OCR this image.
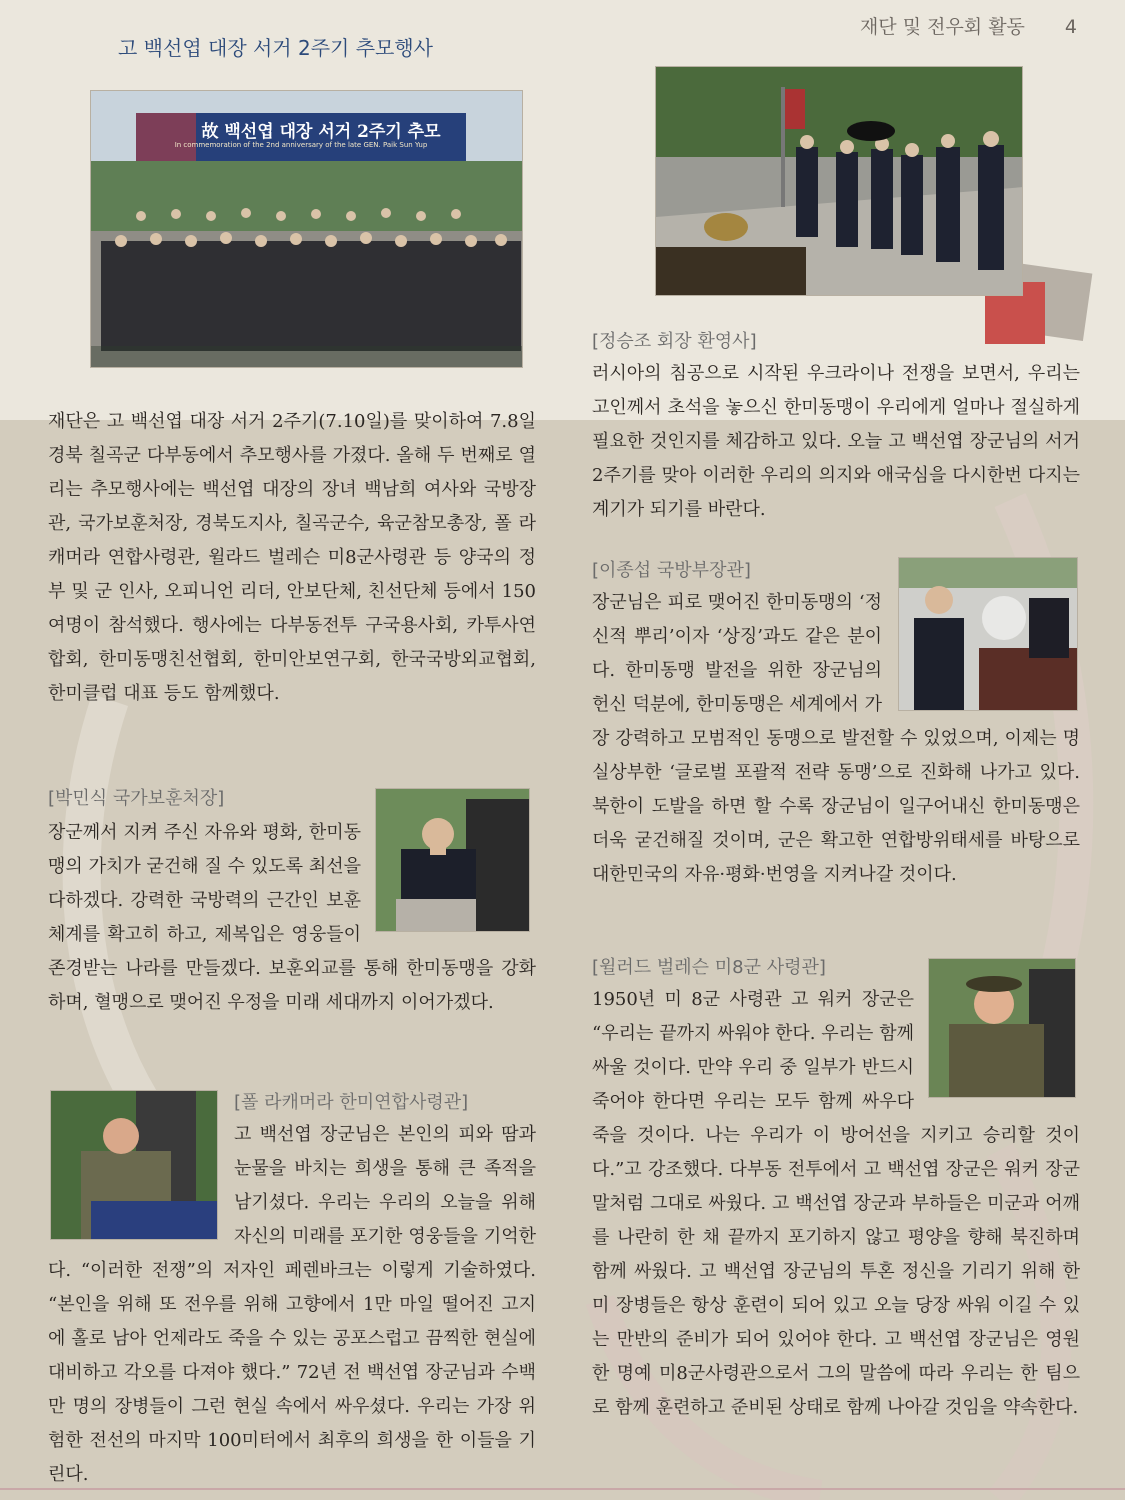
재단 및 전우회 활동 4
고 백선엽 대장 서거 2주기 추모행사
故 백선엽 대장 서거 2주기 추모
In commemoration of the 2nd anniversary of the late GEN. Paik Sun Yup
재단은 고 백선엽 대장 서거 2주기(7.10일)를 맞이하여 7.8일 경북 칠곡군 다부동에서 추모행사를 가졌다. 올해 두 번째로 열리는 추모행사에는 백선엽 대장의 장녀 백남희 여사와 국방장관, 국가보훈처장, 경북도지사, 칠곡군수, 육군참모총장, 폴 라캐머라 연합사령관, 윌라드 벌레슨 미8군사령관 등 양국의 정부 및 군 인사, 오피니언 리더, 안보단체, 친선단체 등에서 150여명이 참석했다. 행사에는 다부동전투 구국용사회, 카투사연합회, 한미동맹친선협회, 한미안보연구회, 한국국방외교협회, 한미클럽 대표 등도 함께했다.
[박민식 국가보훈처장]
장군께서 지켜 주신 자유와 평화, 한미동맹의 가치가 굳건해 질 수 있도록 최선을 다하겠다. 강력한 국방력의 근간인 보훈 체계를 확고히 하고, 제복입은 영웅들이 존경받는 나라를 만들겠다. 보훈외교를 통해 한미동맹을 강화하며, 혈맹으로 맺어진 우정을 미래 세대까지 이어가겠다.
[폴 라캐머라 한미연합사령관]
고 백선엽 장군님은 본인의 피와 땀과 눈물을 바치는 희생을 통해 큰 족적을 남기셨다. 우리는 우리의 오늘을 위해 자신의 미래를 포기한 영웅들을 기억한다. “이러한 전쟁”의 저자인 페렌바크는 이렇게 기술하였다. “본인을 위해 또 전우를 위해 고향에서 1만 마일 떨어진 고지에 홀로 남아 언제라도 죽을 수 있는 공포스럽고 끔찍한 현실에 대비하고 각오를 다져야 했다.” 72년 전 백선엽 장군님과 수백만 명의 장병들이 그런 현실 속에서 싸우셨다. 우리는 가장 위험한 전선의 마지막 100미터에서 최후의 희생을 한 이들을 기린다.
[정승조 회장 환영사]
러시아의 침공으로 시작된 우크라이나 전쟁을 보면서, 우리는 고인께서 초석을 놓으신 한미동맹이 우리에게 얼마나 절실하게 필요한 것인지를 체감하고 있다. 오늘 고 백선엽 장군님의 서거 2주기를 맞아 이러한 우리의 의지와 애국심을 다시한번 다지는 계기가 되기를 바란다.
[이종섭 국방부장관]
장군님은 피로 맺어진 한미동맹의 ‘정신적 뿌리’이자 ‘상징’과도 같은 분이다. 한미동맹 발전을 위한 장군님의 헌신 덕분에, 한미동맹은 세계에서 가장 강력하고 모범적인 동맹으로 발전할 수 있었으며, 이제는 명실상부한 ‘글로벌 포괄적 전략 동맹’으로 진화해 나가고 있다. 북한이 도발을 하면 할 수록 장군님이 일구어내신 한미동맹은 더욱 굳건해질 것이며, 군은 확고한 연합방위태세를 바탕으로 대한민국의 자유·평화·번영을 지켜나갈 것이다.
[윌러드 벌레슨 미8군 사령관]
1950년 미 8군 사령관 고 워커 장군은 “우리는 끝까지 싸워야 한다. 우리는 함께 싸울 것이다. 만약 우리 중 일부가 반드시 죽어야 한다면 우리는 모두 함께 싸우다 죽을 것이다. 나는 우리가 이 방어선을 지키고 승리할 것이다.”고 강조했다. 다부동 전투에서 고 백선엽 장군은 워커 장군 말처럼 그대로 싸웠다. 고 백선엽 장군과 부하들은 미군과 어깨를 나란히 한 채 끝까지 포기하지 않고 평양을 향해 북진하며 함께 싸웠다. 고 백선엽 장군님의 투혼 정신을 기리기 위해 한미 장병들은 항상 훈련이 되어 있고 오늘 당장 싸워 이길 수 있는 만반의 준비가 되어 있어야 한다. 고 백선엽 장군님은 영원한 명예 미8군사령관으로서 그의 말씀에 따라 우리는 한 팀으로 함께 훈련하고 준비된 상태로 함께 나아갈 것임을 약속한다.
